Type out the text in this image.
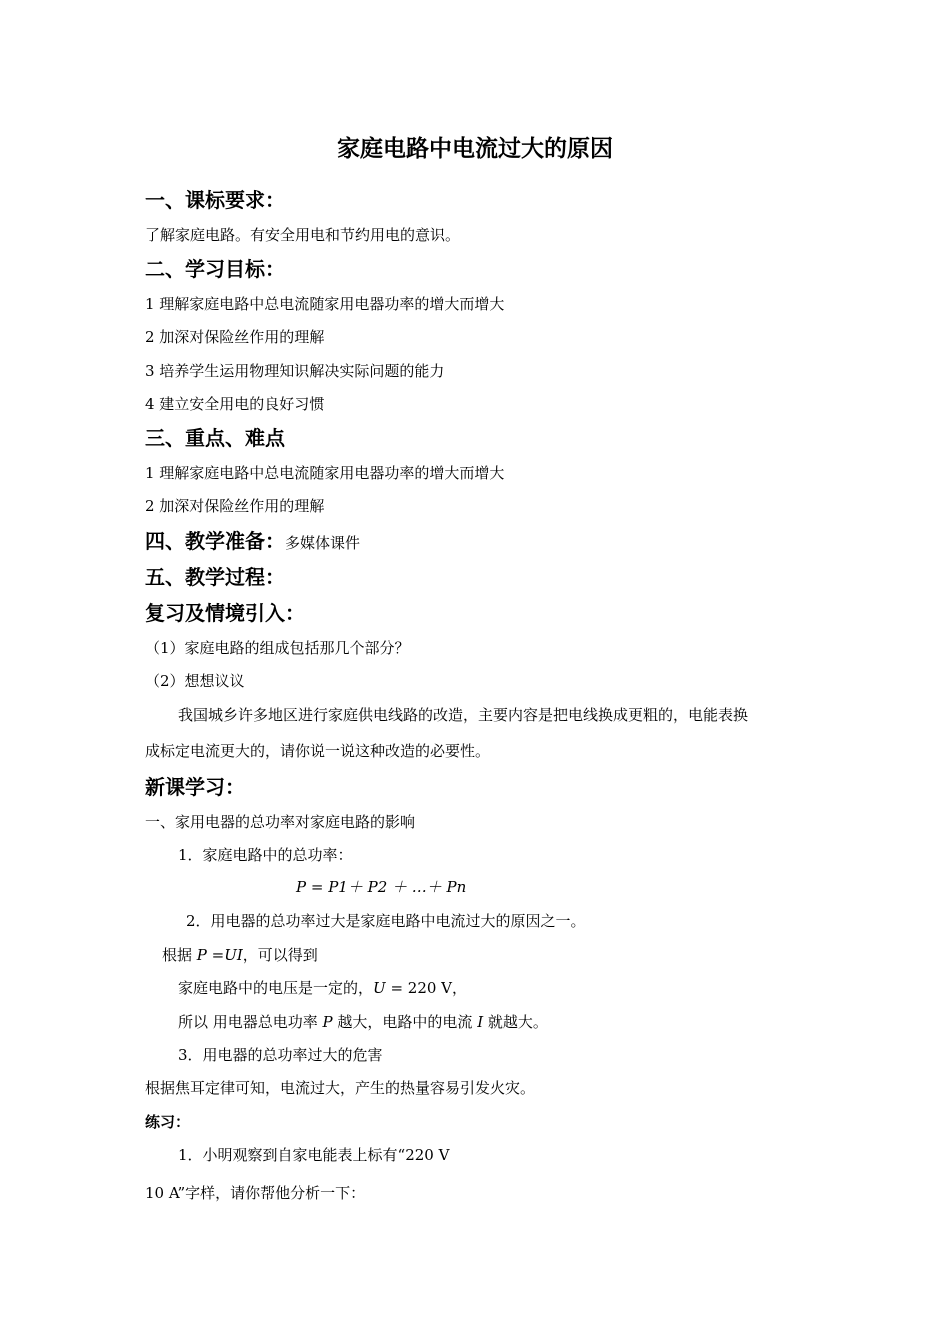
家庭电路中电流过大的原因
一、课标要求：
了解家庭电路。有安全用电和节约用电的意识。
二、学习目标：
1 理解家庭电路中总电流随家用电器功率的增大而增大
2 加深对保险丝作用的理解
3 培养学生运用物理知识解决实际问题的能力
4 建立安全用电的良好习惯
三、重点、难点
1 理解家庭电路中总电流随家用电器功率的增大而增大
2 加深对保险丝作用的理解
四、教学准备：多媒体课件
五、教学过程：
复习及情境引入：
（1）家庭电路的组成包括那几个部分？
（2）想想议议
我国城乡许多地区进行家庭供电线路的改造，主要内容是把电线换成更粗的，电能表换
成标定电流更大的，请你说一说这种改造的必要性。
新课学习：
一、家用电器的总功率对家庭电路的影响
1．家庭电路中的总功率：
P = P1＋ P2 ＋ …＋ Pn
2．用电器的总功率过大是家庭电路中电流过大的原因之一。
根据 P =UI，可以得到
家庭电路中的电压是一定的，U = 220 V，
所以 用电器总电功率 P 越大，电路中的电流 I 就越大。
3．用电器的总功率过大的危害
根据焦耳定律可知，电流过大，产生的热量容易引发火灾。
练习：
1．小明观察到自家电能表上标有“220 V
10 A”字样，请你帮他分析一下：
